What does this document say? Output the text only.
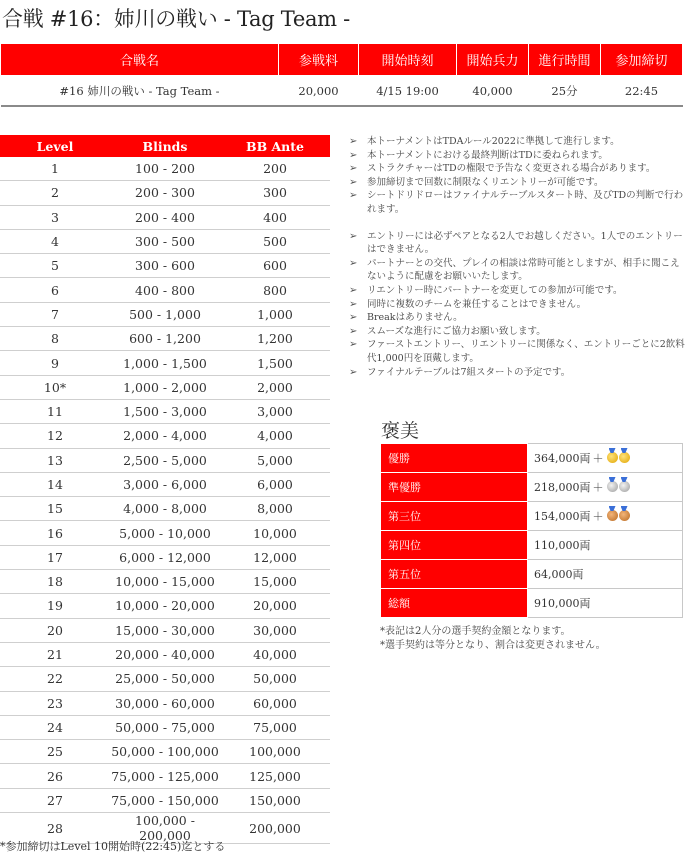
合戦 #16：姉川の戦い - Tag Team -
合戦名	参戦料	開始時刻	開始兵力	進行時間	参加締切
#16 姉川の戦い - Tag Team -	20,000	4/15 19:00	40,000	25分	22:45
Level	Blinds	BB Ante
1	100 - 200	200
2	200 - 300	300
3	200 - 400	400
4	300 - 500	500
5	300 - 600	600
6	400 - 800	800
7	500 - 1,000	1,000
8	600 - 1,200	1,200
9	1,000 - 1,500	1,500
10*	1,000 - 2,000	2,000
11	1,500 - 3,000	3,000
12	2,000 - 4,000	4,000
13	2,500 - 5,000	5,000
14	3,000 - 6,000	6,000
15	4,000 - 8,000	8,000
16	5,000 - 10,000	10,000
17	6,000 - 12,000	12,000
18	10,000 - 15,000	15,000
19	10,000 - 20,000	20,000
20	15,000 - 30,000	30,000
21	20,000 - 40,000	40,000
22	25,000 - 50,000	50,000
23	30,000 - 60,000	60,000
24	50,000 - 75,000	75,000
25	50,000 - 100,000	100,000
26	75,000 - 125,000	125,000
27	75,000 - 150,000	150,000
28	100,000 - 200,000	200,000
*参加締切はLevel 10開始時(22:45)迄とする
➢ 本トーナメントはTDAルール2022に準拠して進行します。
➢ 本トーナメントにおける最終判断はTDに委ねられます。
➢ ストラクチャーはTDの権限で予告なく変更される場合があります。
➢ 参加締切まで回数に制限なくリエントリーが可能です。
➢ シートドリドローはファイナルテーブルスタート時、及びTDの判断で行われます。
➢ エントリーには必ずペアとなる2人でお越しください。1人でのエントリーはできません。
➢ パートナーとの交代、プレイの相談は常時可能としますが、相手に聞こえないように配慮をお願いいたします。
➢ リエントリー時にパートナーを変更しての参加が可能です。
➢ 同時に複数のチームを兼任することはできません。
➢ Breakはありません。
➢ スムーズな進行にご協力お願い致します。
➢ ファーストエントリー、リエントリーに関係なく、エントリーごとに2飲料代1,000円を頂戴します。
➢ ファイナルテーブルは7組スタートの予定です。
褒美
優勝	364,000両 ＋
準優勝	218,000両 ＋
第三位	154,000両 ＋
第四位	110,000両
第五位	64,000両
総額	910,000両
*表記は2人分の選手契約金額となります。
*選手契約は等分となり、割合は変更されません。
